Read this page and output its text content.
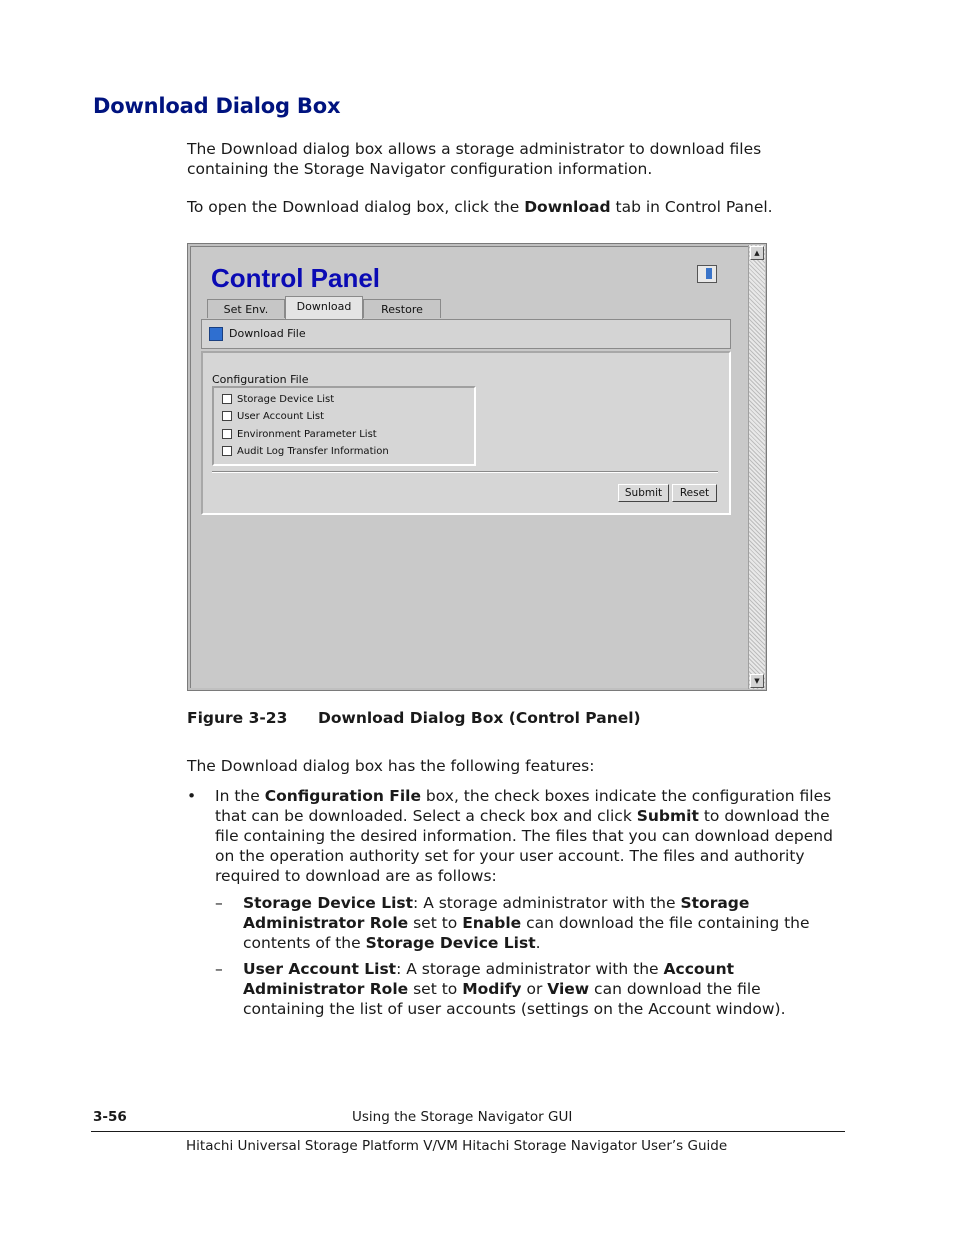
Download Dialog Box
The Download dialog box allows a storage administrator to download files containing the Storage Navigator configuration information.
To open the Download dialog box, click the Download tab in Control Panel.
Control Panel
Set Env.	Download	Restore
Download File
Configuration File
Storage Device List
User Account List
Environment Parameter List
Audit Log Transfer Information
Submit	Reset
▲
▼
Figure 3-23 Download Dialog Box (Control Panel)
The Download dialog box has the following features:
• In the Configuration File box, the check boxes indicate the configuration files that can be downloaded. Select a check box and click Submit to download the file containing the desired information. The files that you can download depend on the operation authority set for your user account. The files and authority required to download are as follows:
– Storage Device List: A storage administrator with the Storage Administrator Role set to Enable can download the file containing the contents of the Storage Device List.
– User Account List: A storage administrator with the Account Administrator Role set to Modify or View can download the file containing the list of user accounts (settings on the Account window).
3-56	Using the Storage Navigator GUI
Hitachi Universal Storage Platform V/VM Hitachi Storage Navigator User’s Guide
